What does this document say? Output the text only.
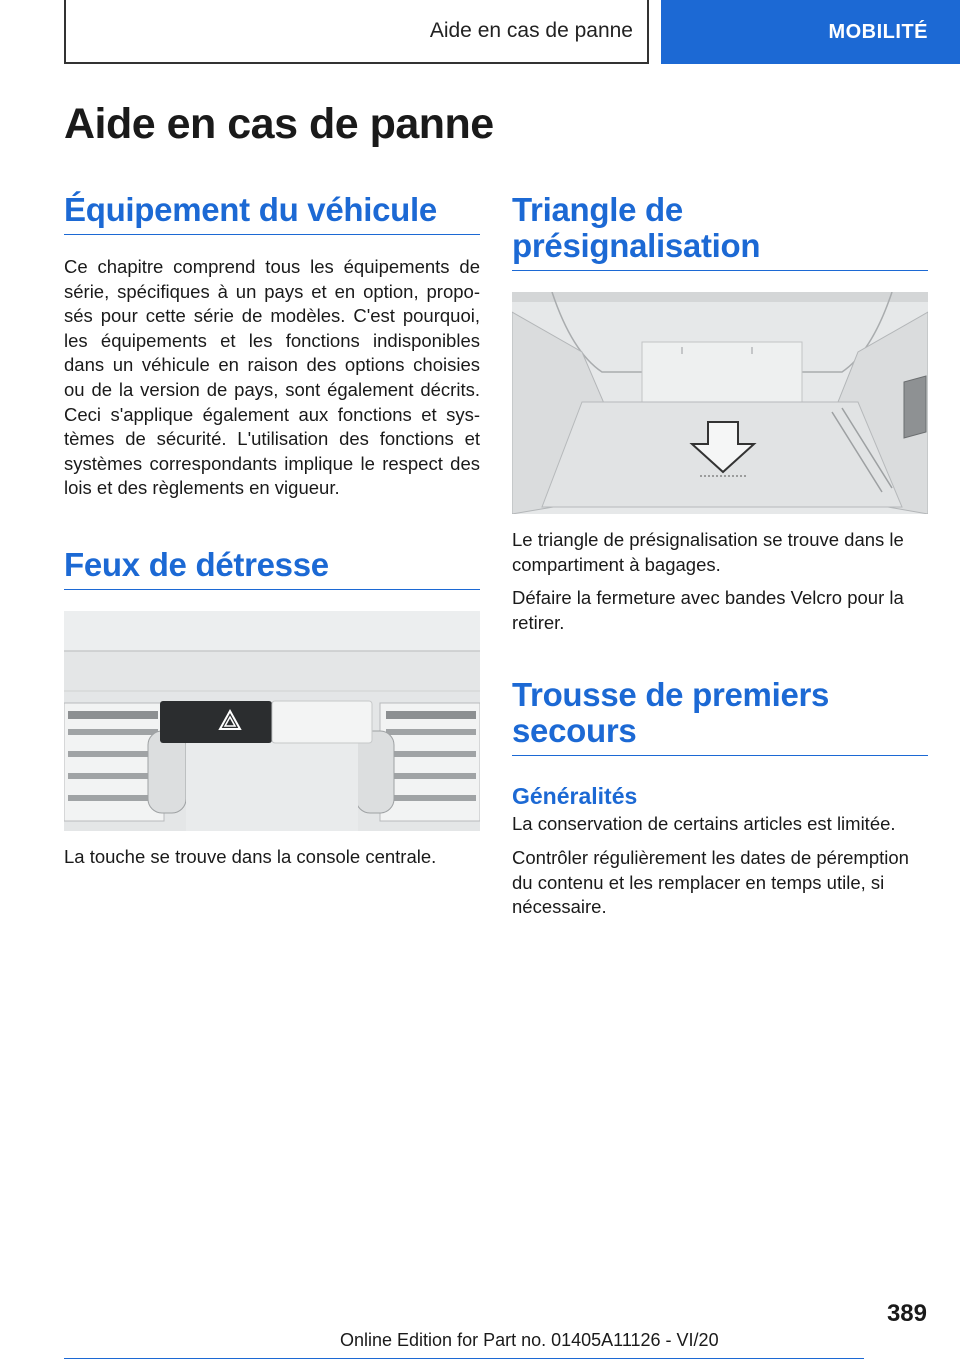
Aide en cas de panne	MOBILITÉ
Aide en cas de panne
Équipement du véhicule

Ce chapitre comprend tous les équipements de série, spécifiques à un pays et en option, propo-sés pour cette série de modèles. C'est pourquoi, les équipements et les fonctions indisponibles dans un véhicule en raison des options choisies ou de la version de pays, sont également décrits. Ceci s'applique également aux fonctions et sys-tèmes de sécurité. L'utilisation des fonctions et systèmes correspondants implique le respect des lois et des règlements en vigueur.

Feux de détresse

La touche se trouve dans la console centrale.

Triangle de
présignalisation

Le triangle de présignalisation se trouve dans le compartiment à bagages.

Défaire la fermeture avec bandes Velcro pour la retirer.

Trousse de premiers
secours
Généralités

La conservation de certains articles est limitée.

Contrôler régulièrement les dates de péremption du contenu et les remplacer en temps utile, si nécessaire.

389
Online Edition for Part no. 01405A11126 - VI/20
